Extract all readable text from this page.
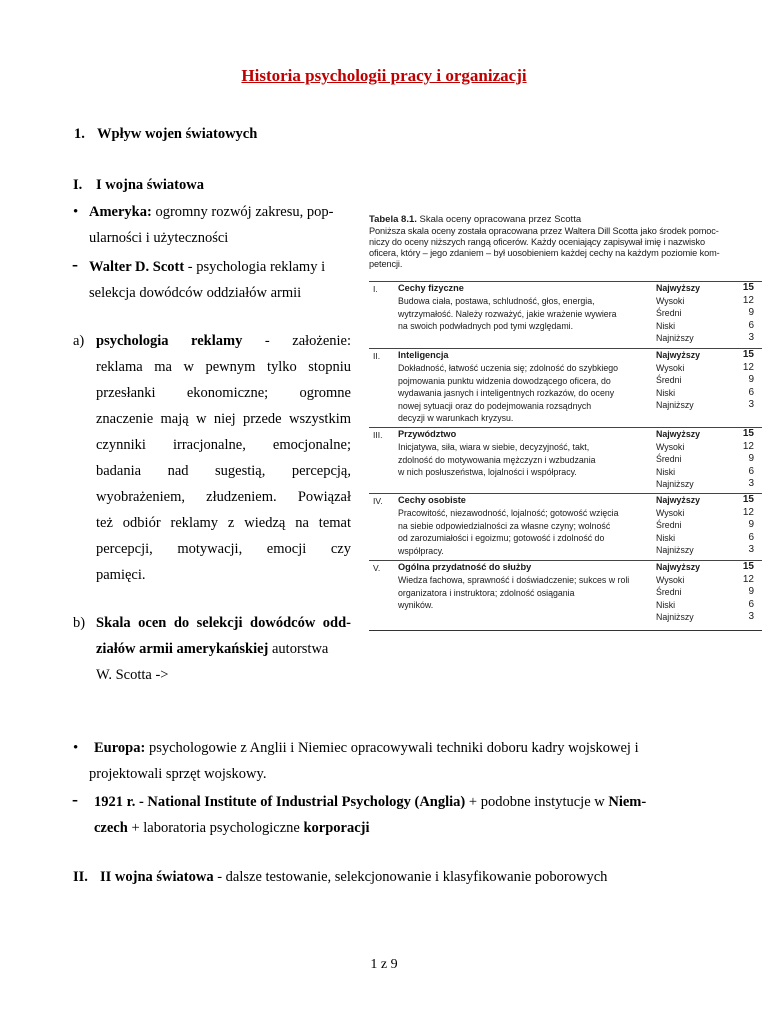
Historia psychologii pracy i organizacji
1. Wpływ wojen światowych
I. I wojna światowa
• Ameryka: ogromny rozwój zakresu, pop-
ularności i użyteczności
- Walter D. Scott - psychologia reklamy i
selekcja dowódców oddziałów armii
a) psychologia reklamy - założenie:
reklama ma w pewnym tylko stopniu
przesłanki ekonomiczne; ogromne
znaczenie mają w niej przede wszystkim
czynniki irracjonalne, emocjonalne;
badania nad sugestią, percepcją,
wyobrażeniem, złudzeniem. Powiązał
też odbiór reklamy z wiedzą na temat
percepcji, motywacji, emocji czy
pamięci.
b) Skala ocen do selekcji dowódców odd-
ziałów armii amerykańskiej autorstwa
W. Scotta ->
Tabela 8.1. Skala oceny opracowana przez Scotta
Poniższa skala oceny została opracowana przez Waltera Dill Scotta jako środek pomoc-
niczy do oceny niższych rangą oficerów. Każdy oceniający zapisywał imię i nazwisko
oficera, który – jego zdaniem – był uosobieniem każdej cechy na każdym poziomie kom-
petencji.
I. Cechy fizyczne
Budowa ciała, postawa, schludność, głos, energia,
wytrzymałość. Należy rozważyć, jakie wrażenie wywiera
na swoich podwładnych pod tymi względami.
Najwyższy	15
Wysoki	12
Średni	9
Niski	6
Najniższy	3
II. Inteligencja
Dokładność, łatwość uczenia się; zdolność do szybkiego
pojmowania punktu widzenia dowodzącego oficera, do
wydawania jasnych i inteligentnych rozkazów, do oceny
nowej sytuacji oraz do podejmowania rozsądnych
decyzji w warunkach kryzysu.
Najwyższy	15
Wysoki	12
Średni	9
Niski	6
Najniższy	3
III. Przywództwo
Inicjatywa, siła, wiara w siebie, decyzyjność, takt,
zdolność do motywowania mężczyzn i wzbudzania
w nich posłuszeństwa, lojalności i współpracy.
Najwyższy	15
Wysoki	12
Średni	9
Niski	6
Najniższy	3
IV. Cechy osobiste
Pracowitość, niezawodność, lojalność; gotowość wzięcia
na siebie odpowiedzialności za własne czyny; wolność
od zarozumiałości i egoizmu; gotowość i zdolność do
współpracy.
Najwyższy	15
Wysoki	12
Średni	9
Niski	6
Najniższy	3
V. Ogólna przydatność do służby
Wiedza fachowa, sprawność i doświadczenie; sukces w roli
organizatora i instruktora; zdolność osiągania
wyników.
Najwyższy	15
Wysoki	12
Średni	9
Niski	6
Najniższy	3
• Europa: psychologowie z Anglii i Niemiec opracowywali techniki doboru kadry wojskowej i
projektowali sprzęt wojskowy.
- 1921 r. - National Institute of Industrial Psychology (Anglia) + podobne instytucje w Niem-
czech + laboratoria psychologiczne korporacji
II. II wojna światowa - dalsze testowanie, selekcjonowanie i klasyfikowanie poborowych
1 z 9
